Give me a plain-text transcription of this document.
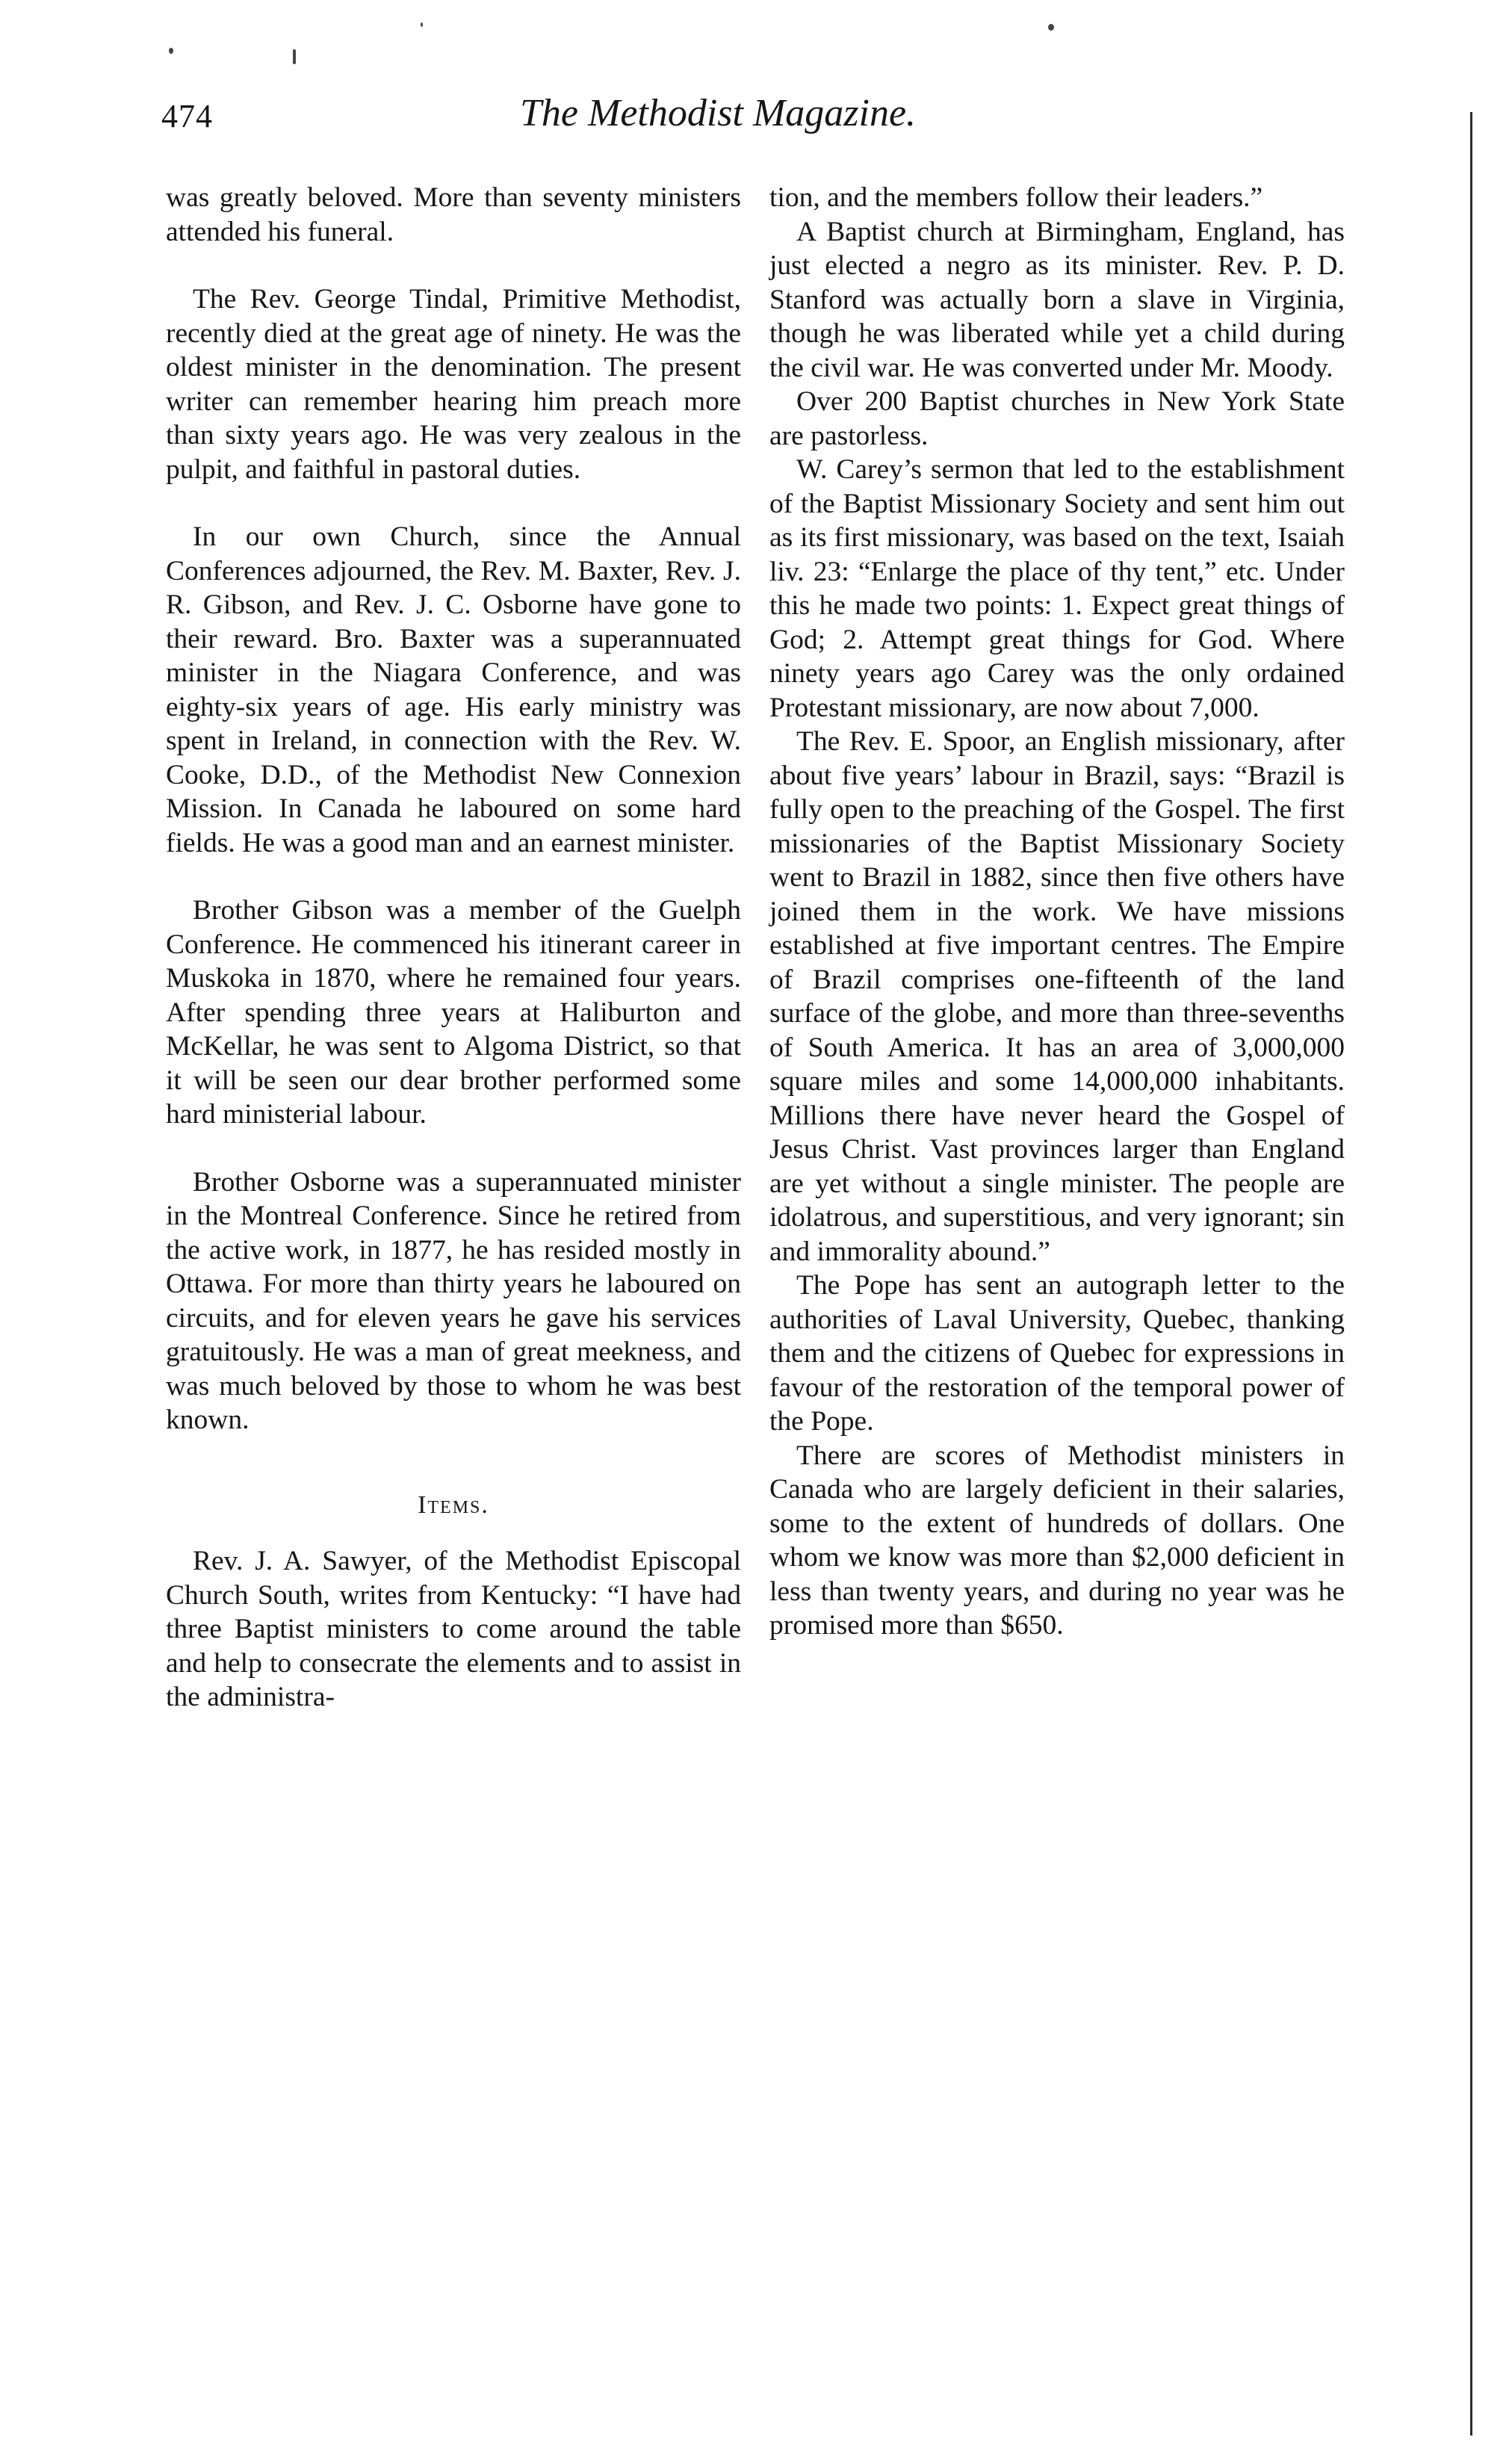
474	The Methodist Magazine.

was greatly beloved. More than seventy ministers attended his funeral.

The Rev. George Tindal, Primitive Methodist, recently died at the great age of ninety. He was the oldest minister in the denomination. The present writer can remember hearing him preach more than sixty years ago. He was very zealous in the pulpit, and faithful in pastoral duties.

In our own Church, since the Annual Conferences adjourned, the Rev. M. Baxter, Rev. J. R. Gibson, and Rev. J. C. Osborne have gone to their reward. Bro. Baxter was a superannuated minister in the Niagara Conference, and was eighty-six years of age. His early ministry was spent in Ireland, in connection with the Rev. W. Cooke, D.D., of the Methodist New Connexion Mission. In Canada he laboured on some hard fields. He was a good man and an earnest minister.

Brother Gibson was a member of the Guelph Conference. He commenced his itinerant career in Muskoka in 1870, where he remained four years. After spending three years at Haliburton and McKellar, he was sent to Algoma District, so that it will be seen our dear brother performed some hard ministerial labour.

Brother Osborne was a superannuated minister in the Montreal Conference. Since he retired from the active work, in 1877, he has resided mostly in Ottawa. For more than thirty years he laboured on circuits, and for eleven years he gave his services gratuitously. He was a man of great meekness, and was much beloved by those to whom he was best known.

Items.

Rev. J. A. Sawyer, of the Methodist Episcopal Church South, writes from Kentucky: “I have had three Baptist ministers to come around the table and help to consecrate the elements and to assist in the administra-

tion, and the members follow their leaders.”

A Baptist church at Birmingham, England, has just elected a negro as its minister. Rev. P. D. Stanford was actually born a slave in Virginia, though he was liberated while yet a child during the civil war. He was converted under Mr. Moody.

Over 200 Baptist churches in New York State are pastorless.

W. Carey’s sermon that led to the establishment of the Baptist Missionary Society and sent him out as its first missionary, was based on the text, Isaiah liv. 23: “Enlarge the place of thy tent,” etc. Under this he made two points: 1. Expect great things of God; 2. Attempt great things for God. Where ninety years ago Carey was the only ordained Protestant missionary, are now about 7,000.

The Rev. E. Spoor, an English missionary, after about five years’ labour in Brazil, says: “Brazil is fully open to the preaching of the Gospel. The first missionaries of the Baptist Missionary Society went to Brazil in 1882, since then five others have joined them in the work. We have missions established at five important centres. The Empire of Brazil comprises one-fifteenth of the land surface of the globe, and more than three-sevenths of South America. It has an area of 3,000,000 square miles and some 14,000,000 inhabitants. Millions there have never heard the Gospel of Jesus Christ. Vast provinces larger than England are yet without a single minister. The people are idolatrous, and superstitious, and very ignorant; sin and immorality abound.”

The Pope has sent an autograph letter to the authorities of Laval University, Quebec, thanking them and the citizens of Quebec for expressions in favour of the restoration of the temporal power of the Pope.

There are scores of Methodist ministers in Canada who are largely deficient in their salaries, some to the extent of hundreds of dollars. One whom we know was more than $2,000 deficient in less than twenty years, and during no year was he promised more than $650.
